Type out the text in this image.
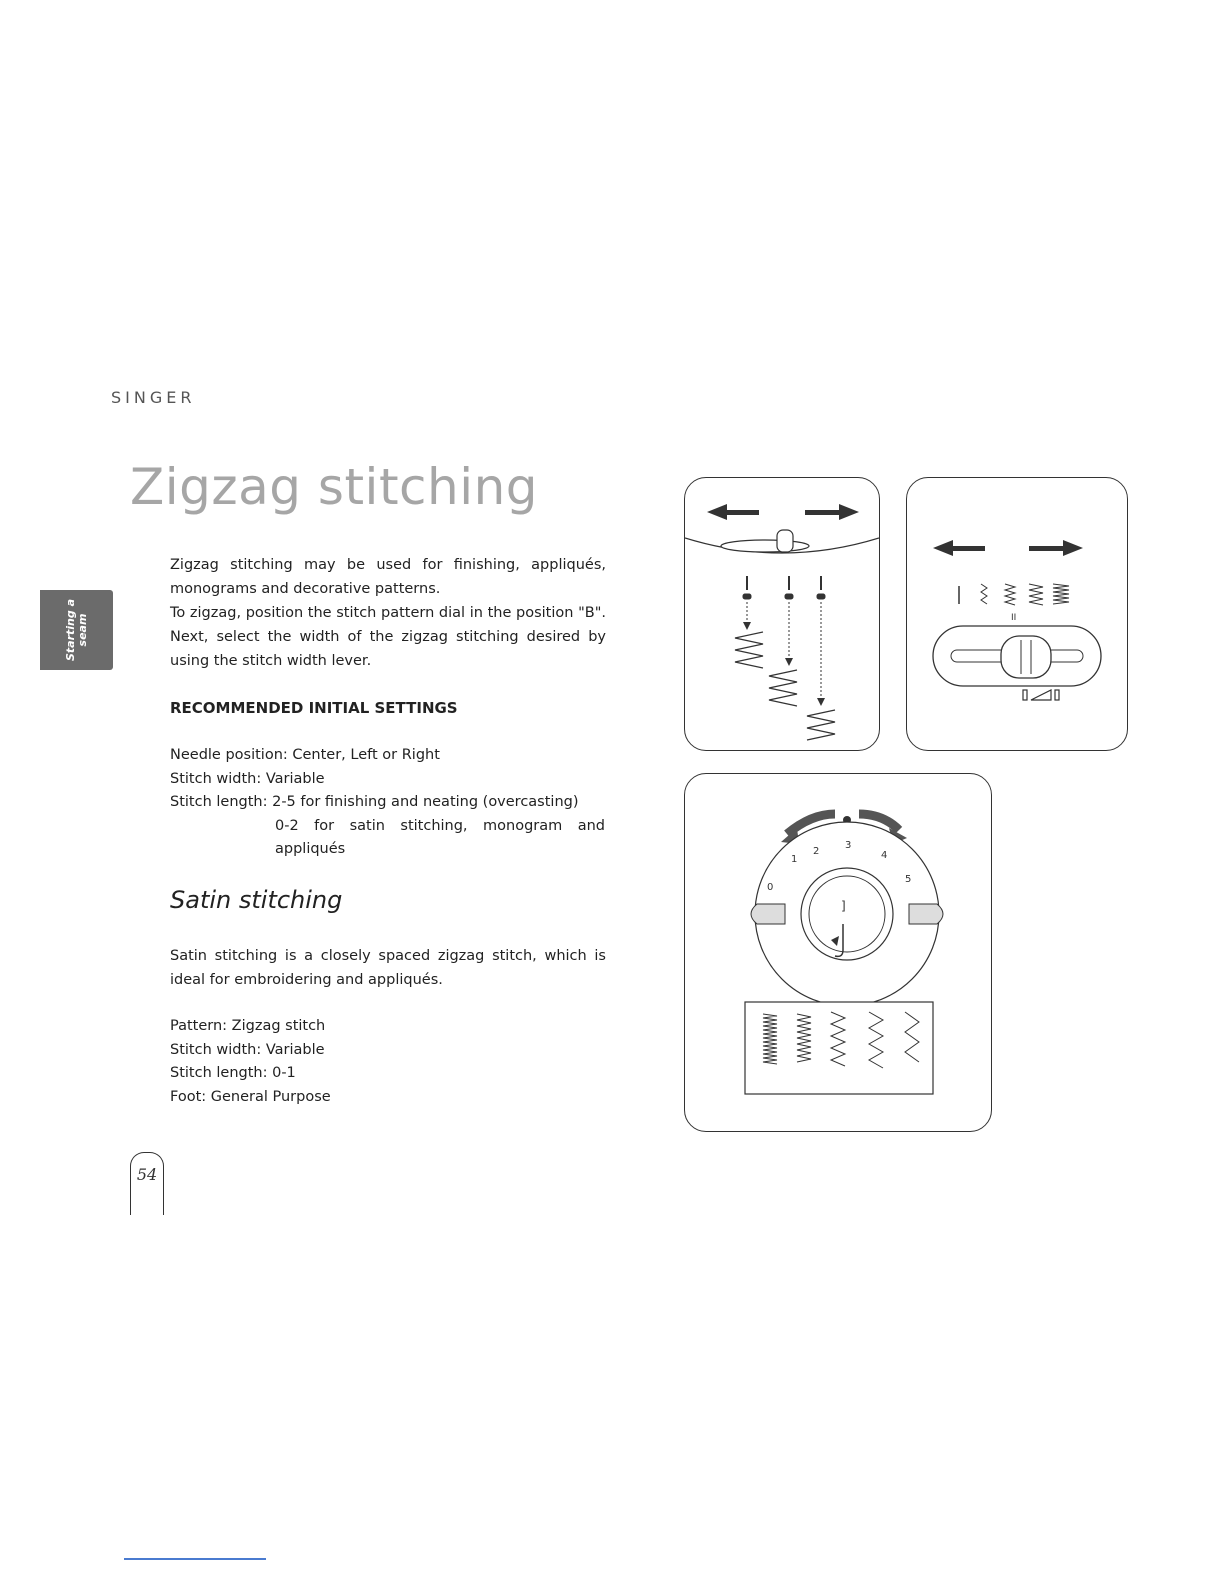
SINGER
Zigzag stitching
Starting a seam

Zigzag stitching may be used for finishing, appliqués, monograms and decorative patterns.

To zigzag, position the stitch pattern dial in the position "B". Next, select the width of the zigzag stitching desired by using the stitch width lever.

RECOMMENDED INITIAL SETTINGS
Needle position: Center, Left or Right
Stitch width: Variable
Stitch length: 2-5 for finishing and neating (overcasting)
0-2 for satin stitching, monogram and appliqués
Satin stitching
Satin stitching is a closely spaced zigzag stitch, which is ideal for embroidering and appliqués.
Pattern: Zigzag stitch
Stitch width: Variable
Stitch length: 0-1
Foot: General Purpose
54
II
0
1
2
3
4
5
]
